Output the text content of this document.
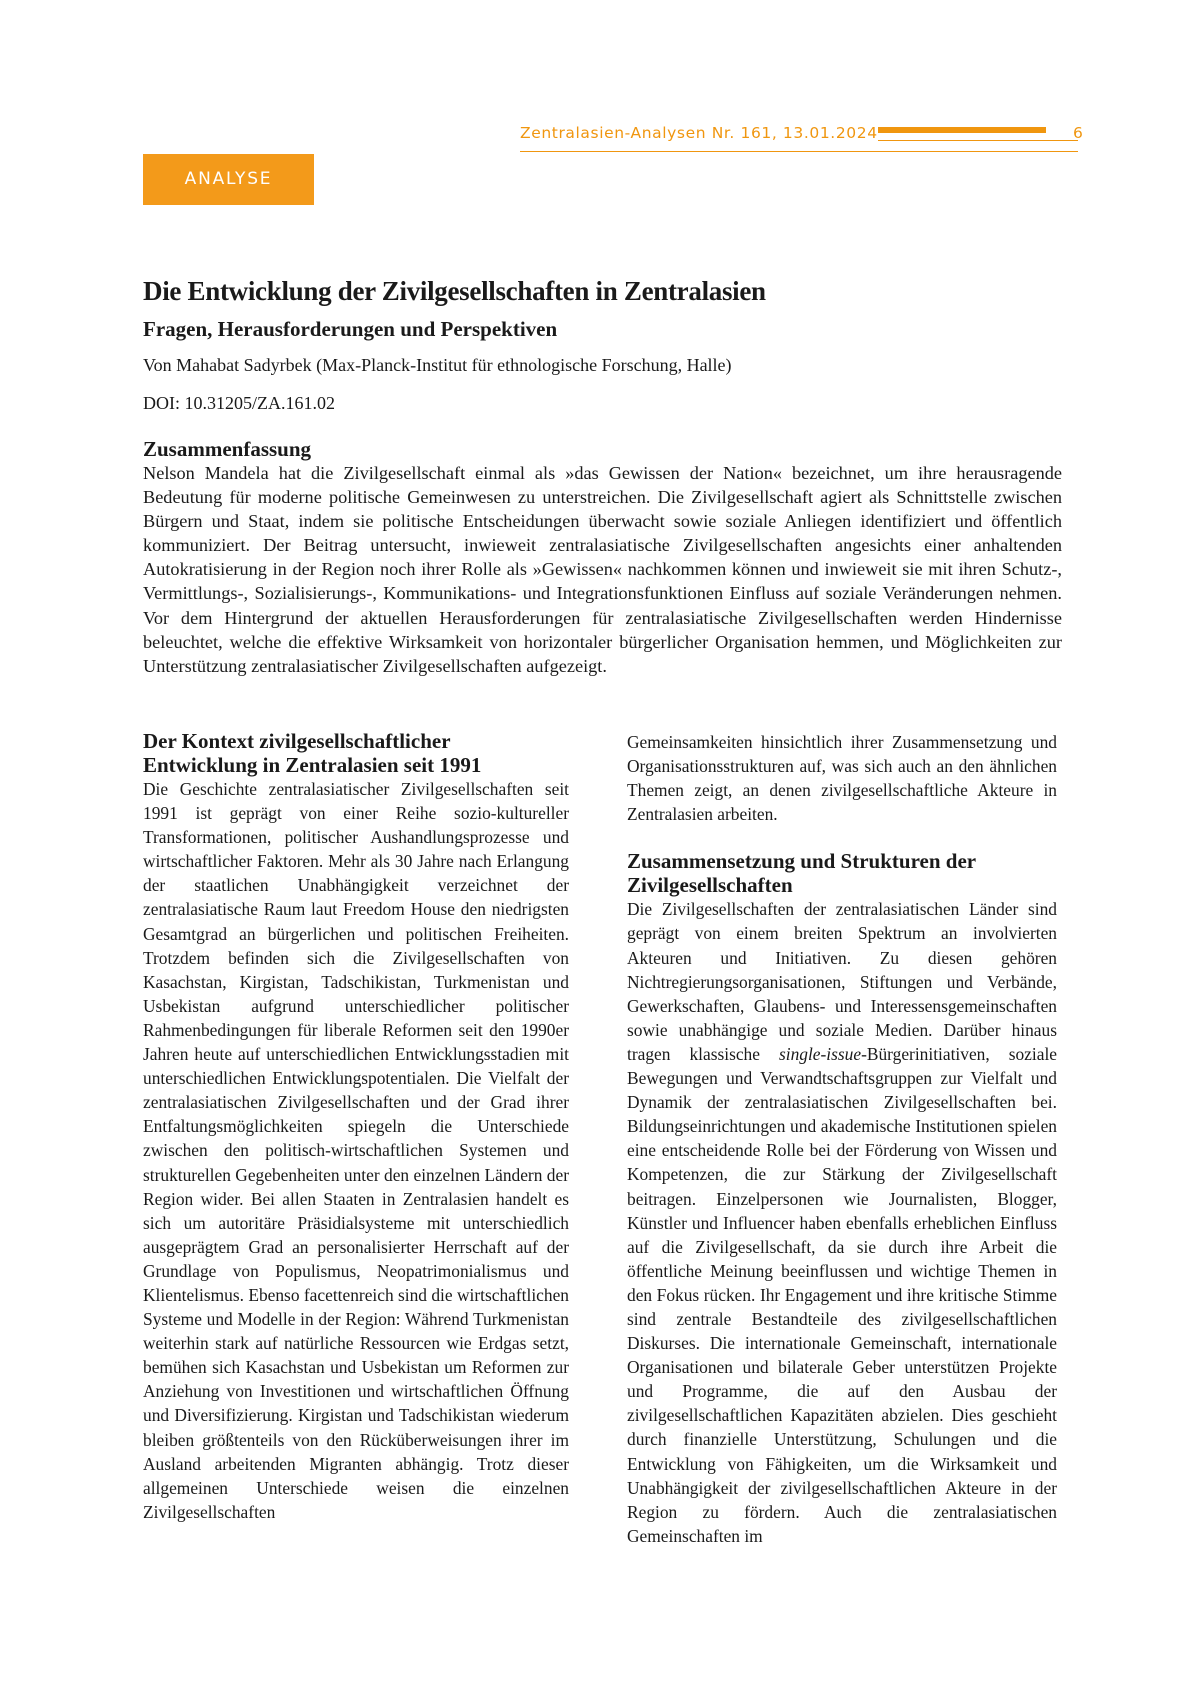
Zentralasien-Analysen Nr. 161, 13.01.2024	6
ANALYSE
Die Entwicklung der Zivilgesellschaften in Zentralasien
Fragen, Herausforderungen und Perspektiven
Von Mahabat Sadyrbek (Max-Planck-Institut für ethnologische Forschung, Halle)
DOI: 10.31205/ZA.161.02
Zusammenfassung

Nelson Mandela hat die Zivilgesellschaft einmal als »das Gewissen der Nation« bezeichnet, um ihre herausragende Bedeutung für moderne politische Gemeinwesen zu unterstreichen. Die Zivilgesellschaft agiert als Schnittstelle zwischen Bürgern und Staat, indem sie politische Entscheidungen überwacht sowie soziale Anliegen identifiziert und öffentlich kommuniziert. Der Beitrag untersucht, inwieweit zentralasiatische Zivilgesellschaften angesichts einer anhaltenden Autokratisierung in der Region noch ihrer Rolle als »Gewissen« nachkommen können und inwieweit sie mit ihren Schutz-, Vermittlungs-, Sozialisierungs-, Kommunikations- und Integrationsfunktionen Einfluss auf soziale Veränderungen nehmen. Vor dem Hintergrund der aktuellen Herausforderungen für zentralasiatische Zivilgesellschaften werden Hindernisse beleuchtet, welche die effektive Wirksamkeit von horizontaler bürgerlicher Organisation hemmen, und Möglichkeiten zur Unterstützung zentralasiatischer Zivilgesellschaften aufgezeigt.

Der Kontext zivilgesellschaftlicher Entwicklung in Zentralasien seit 1991

Die Geschichte zentralasiatischer Zivilgesellschaften seit 1991 ist geprägt von einer Reihe sozio-kultureller Transformationen, politischer Aushandlungsprozesse und wirtschaftlicher Faktoren. Mehr als 30 Jahre nach Erlangung der staatlichen Unabhängigkeit verzeichnet der zentralasiatische Raum laut Freedom House den niedrigsten Gesamtgrad an bürgerlichen und politischen Freiheiten. Trotzdem befinden sich die Zivilgesellschaften von Kasachstan, Kirgistan, Tadschikistan, Turkmenistan und Usbekistan aufgrund unterschiedlicher politischer Rahmenbedingungen für liberale Reformen seit den 1990er Jahren heute auf unterschiedlichen Entwicklungsstadien mit unterschiedlichen Entwicklungspotentialen. Die Vielfalt der zentralasiatischen Zivilgesellschaften und der Grad ihrer Entfaltungsmöglichkeiten spiegeln die Unterschiede zwischen den politisch-wirtschaftlichen Systemen und strukturellen Gegebenheiten unter den einzelnen Ländern der Region wider. Bei allen Staaten in Zentralasien handelt es sich um autoritäre Präsidialsysteme mit unterschiedlich ausgeprägtem Grad an personalisierter Herrschaft auf der Grundlage von Populismus, Neopatrimonialismus und Klientelismus. Ebenso facettenreich sind die wirtschaftlichen Systeme und Modelle in der Region: Während Turkmenistan weiterhin stark auf natürliche Ressourcen wie Erdgas setzt, bemühen sich Kasachstan und Usbekistan um Reformen zur Anziehung von Investitionen und wirtschaftlichen Öffnung und Diversifizierung. Kirgistan und Tadschikistan wiederum bleiben größtenteils von den Rücküberweisungen ihrer im Ausland arbeitenden Migranten abhängig. Trotz dieser allgemeinen Unterschiede weisen die einzelnen Zivilgesellschaften

Gemeinsamkeiten hinsichtlich ihrer Zusammensetzung und Organisationsstrukturen auf, was sich auch an den ähnlichen Themen zeigt, an denen zivilgesellschaftliche Akteure in Zentralasien arbeiten.

Zusammensetzung und Strukturen der Zivilgesellschaften

Die Zivilgesellschaften der zentralasiatischen Länder sind geprägt von einem breiten Spektrum an involvierten Akteuren und Initiativen. Zu diesen gehören Nichtregierungsorganisationen, Stiftungen und Verbände, Gewerkschaften, Glaubens- und Interessensgemeinschaften sowie unabhängige und soziale Medien. Darüber hinaus tragen klassische single-issue-Bürgerinitiativen, soziale Bewegungen und Verwandtschaftsgruppen zur Vielfalt und Dynamik der zentralasiatischen Zivilgesellschaften bei. Bildungseinrichtungen und akademische Institutionen spielen eine entscheidende Rolle bei der Förderung von Wissen und Kompetenzen, die zur Stärkung der Zivilgesellschaft beitragen. Einzelpersonen wie Journalisten, Blogger, Künstler und Influencer haben ebenfalls erheblichen Einfluss auf die Zivilgesellschaft, da sie durch ihre Arbeit die öffentliche Meinung beeinflussen und wichtige Themen in den Fokus rücken. Ihr Engagement und ihre kritische Stimme sind zentrale Bestandteile des zivilgesellschaftlichen Diskurses. Die internationale Gemeinschaft, internationale Organisationen und bilaterale Geber unterstützen Projekte und Programme, die auf den Ausbau der zivilgesellschaftlichen Kapazitäten abzielen. Dies geschieht durch finanzielle Unterstützung, Schulungen und die Entwicklung von Fähigkeiten, um die Wirksamkeit und Unabhängigkeit der zivilgesellschaftlichen Akteure in der Region zu fördern. Auch die zentralasiatischen Gemeinschaften im
